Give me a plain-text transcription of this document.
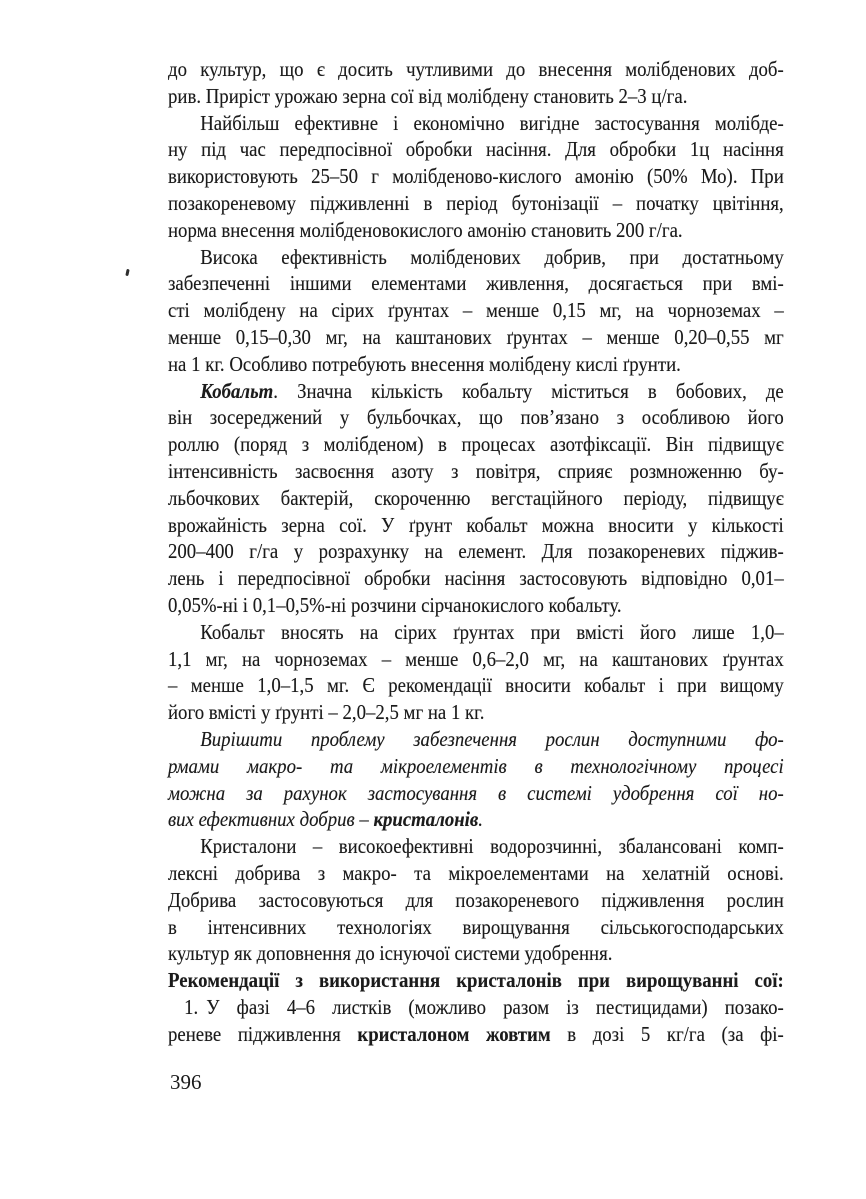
до культур, що є досить чутливими до внесення молібденових доб-
рив. Приріст урожаю зерна сої від молібдену становить 2–3 ц/га.
Найбільш ефективне і економічно вигідне застосування молібде-
ну під час передпосівної обробки насіння. Для обробки 1ц насіння
використовують 25–50 г молібденово-кислого амонію (50% Мо). При
позакореневому підживленні в період бутонізації – початку цвітіння,
норма внесення молібденовокислого амонію становить 200 г/га.
Висока ефективність молібденових добрив, при достатньому
забезпеченні іншими елементами живлення, досягається при вмі-
сті молібдену на сірих ґрунтах – менше 0,15 мг, на чорноземах –
менше 0,15–0,30 мг, на каштанових ґрунтах – менше 0,20–0,55 мг
на 1 кг. Особливо потребують внесення молібдену кислі ґрунти.
Кобальт. Значна кількість кобальту міститься в бобових, де
він зосереджений у бульбочках, що пов’язано з особливою його
роллю (поряд з молібденом) в процесах азотфіксації. Він підвищує
інтенсивність засвоєння азоту з повітря, сприяє розмноженню бу-
льбочкових бактерій, скороченню вегстаційного періоду, підвищує
врожайність зерна сої. У ґрунт кобальт можна вносити у кількості
200–400 г/га у розрахунку на елемент. Для позакореневих піджив-
лень і передпосівної обробки насіння застосовують відповідно 0,01–
0,05%-ні і 0,1–0,5%-ні розчини сірчанокислого кобальту.
Кобальт вносять на сірих ґрунтах при вмісті його лише 1,0–
1,1 мг, на чорноземах – менше 0,6–2,0 мг, на каштанових ґрунтах
– менше 1,0–1,5 мг. Є рекомендації вносити кобальт і при вищому
його вмісті у ґрунті – 2,0–2,5 мг на 1 кг.
Вирішити проблему забезпечення рослин доступними фо-
рмами макро- та мікроелементів в технологічному процесі
можна за рахунок застосування в системі удобрення сої но-
вих ефективних добрив – кристалонів.
Кристалони – високоефективні водорозчинні, збалансовані комп-
лексні добрива з макро- та мікроелементами на хелатній основі.
Добрива застосовуються для позакореневого підживлення рослин
в інтенсивних технологіях вирощування сільськогосподарських
культур як доповнення до існуючої системи удобрення.
Рекомендації з використання кристалонів при вирощуванні сої:
1. У фазі 4–6 листків (можливо разом із пестицидами) позако-
реневе підживлення кристалоном жовтим в дозі 5 кг/га (за фі-
396
